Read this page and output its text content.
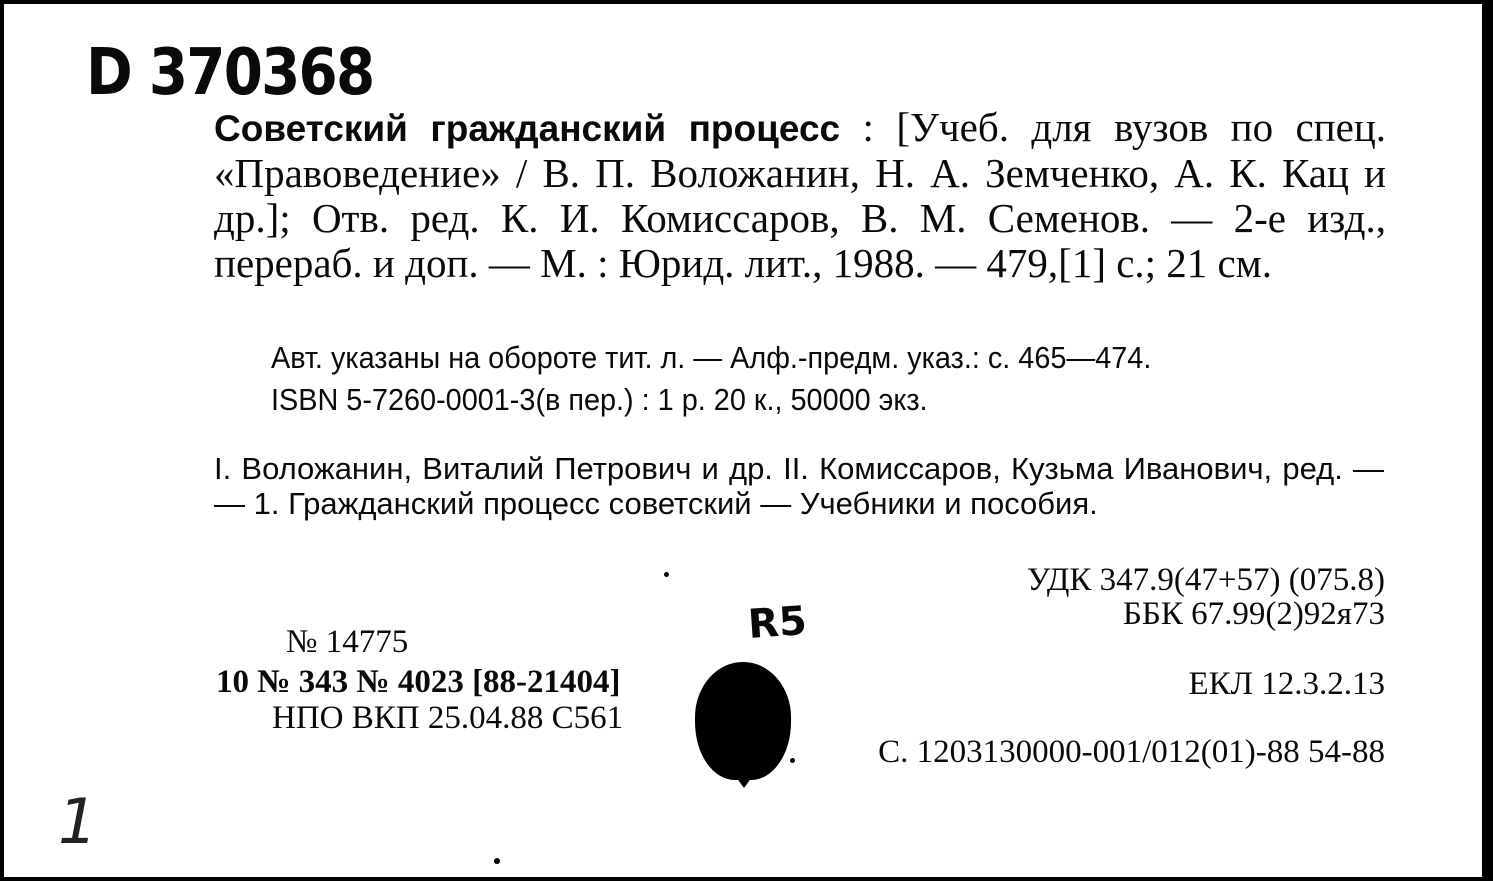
D 370368
Советский гражданский процесс : [Учеб. для вузов по спец. «Правоведение» / В. П. Воложанин, Н. А. Земченко, А. К. Кац и др.]; Отв. ред. К. И. Комиссаров, В. М. Семенов. — 2-е изд., перераб. и доп. — М. : Юрид. лит., 1988. — 479,[1] с.; 21 см.
Авт. указаны на обороте тит. л. — Алф.-предм. указ.: с. 465—474.
ISBN 5-7260-0001-3(в пер.) : 1 р. 20 к., 50000 экз.
I. Воложанин, Виталий Петрович и др. II. Комиссаров, Кузьма Иванович, ред. — — 1. Гражданский процесс советский — Учебники и пособия.
УДК 347.9(47+57) (075.8)
ББК 67.99(2)92я73
ЕКЛ 12.3.2.13
С. 1203130000-001/012(01)-88 54-88
№ 14775
10 № 343 № 4023 [88-21404]
НПО ВКП 25.04.88 С561
R5
1
